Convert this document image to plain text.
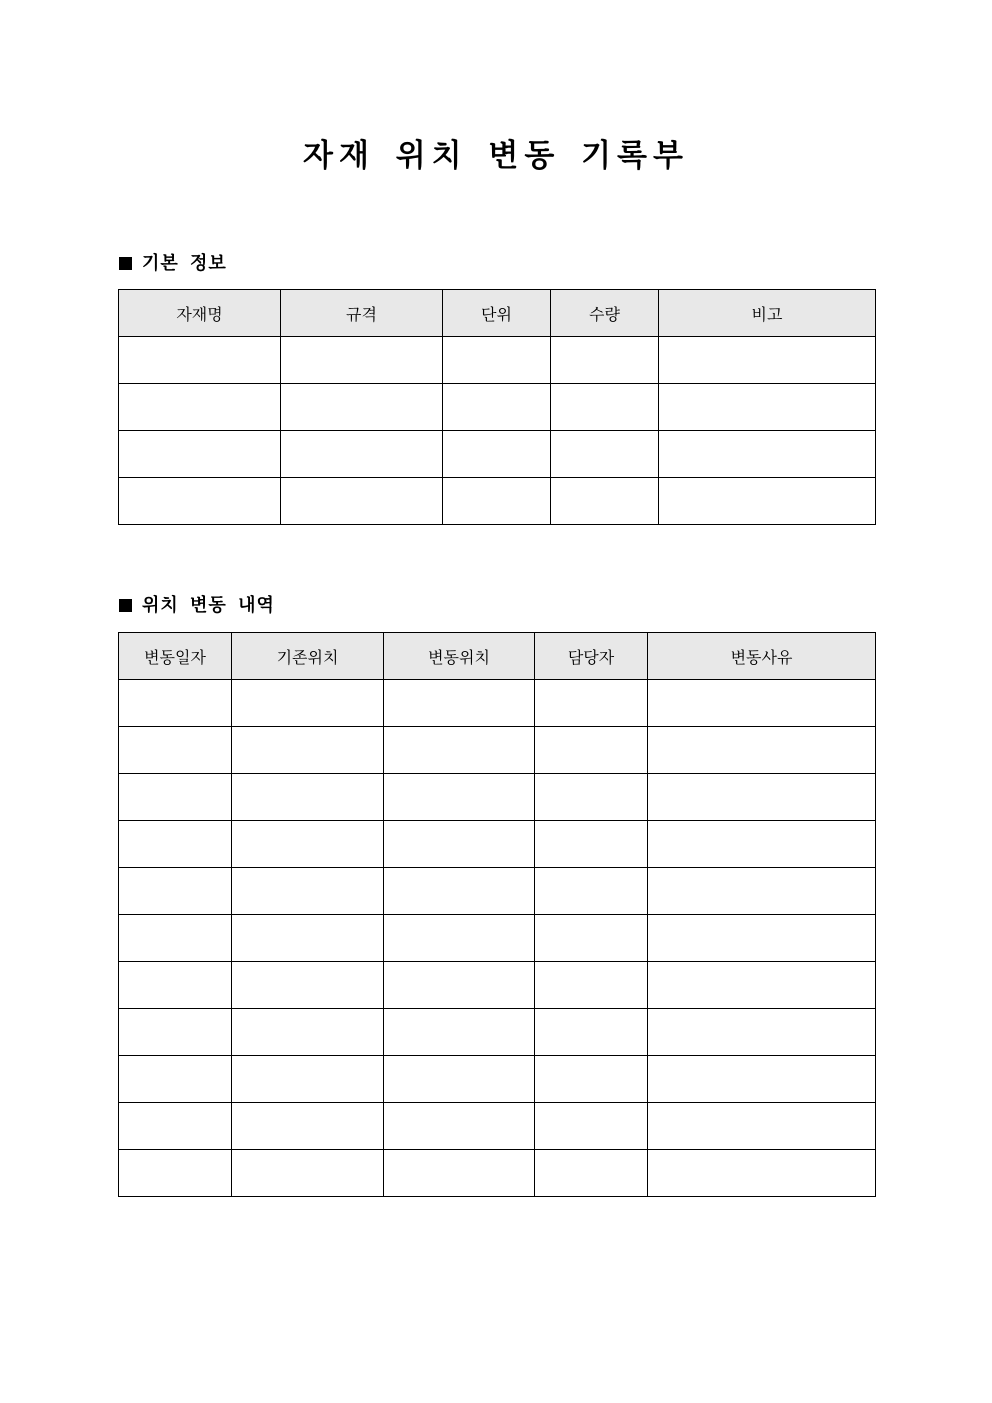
자재 위치 변동 기록부
기본 정보
자재명	규격	단위	수량	비고

위치 변동 내역
변동일자	기존위치	변동위치	담당자	변동사유
